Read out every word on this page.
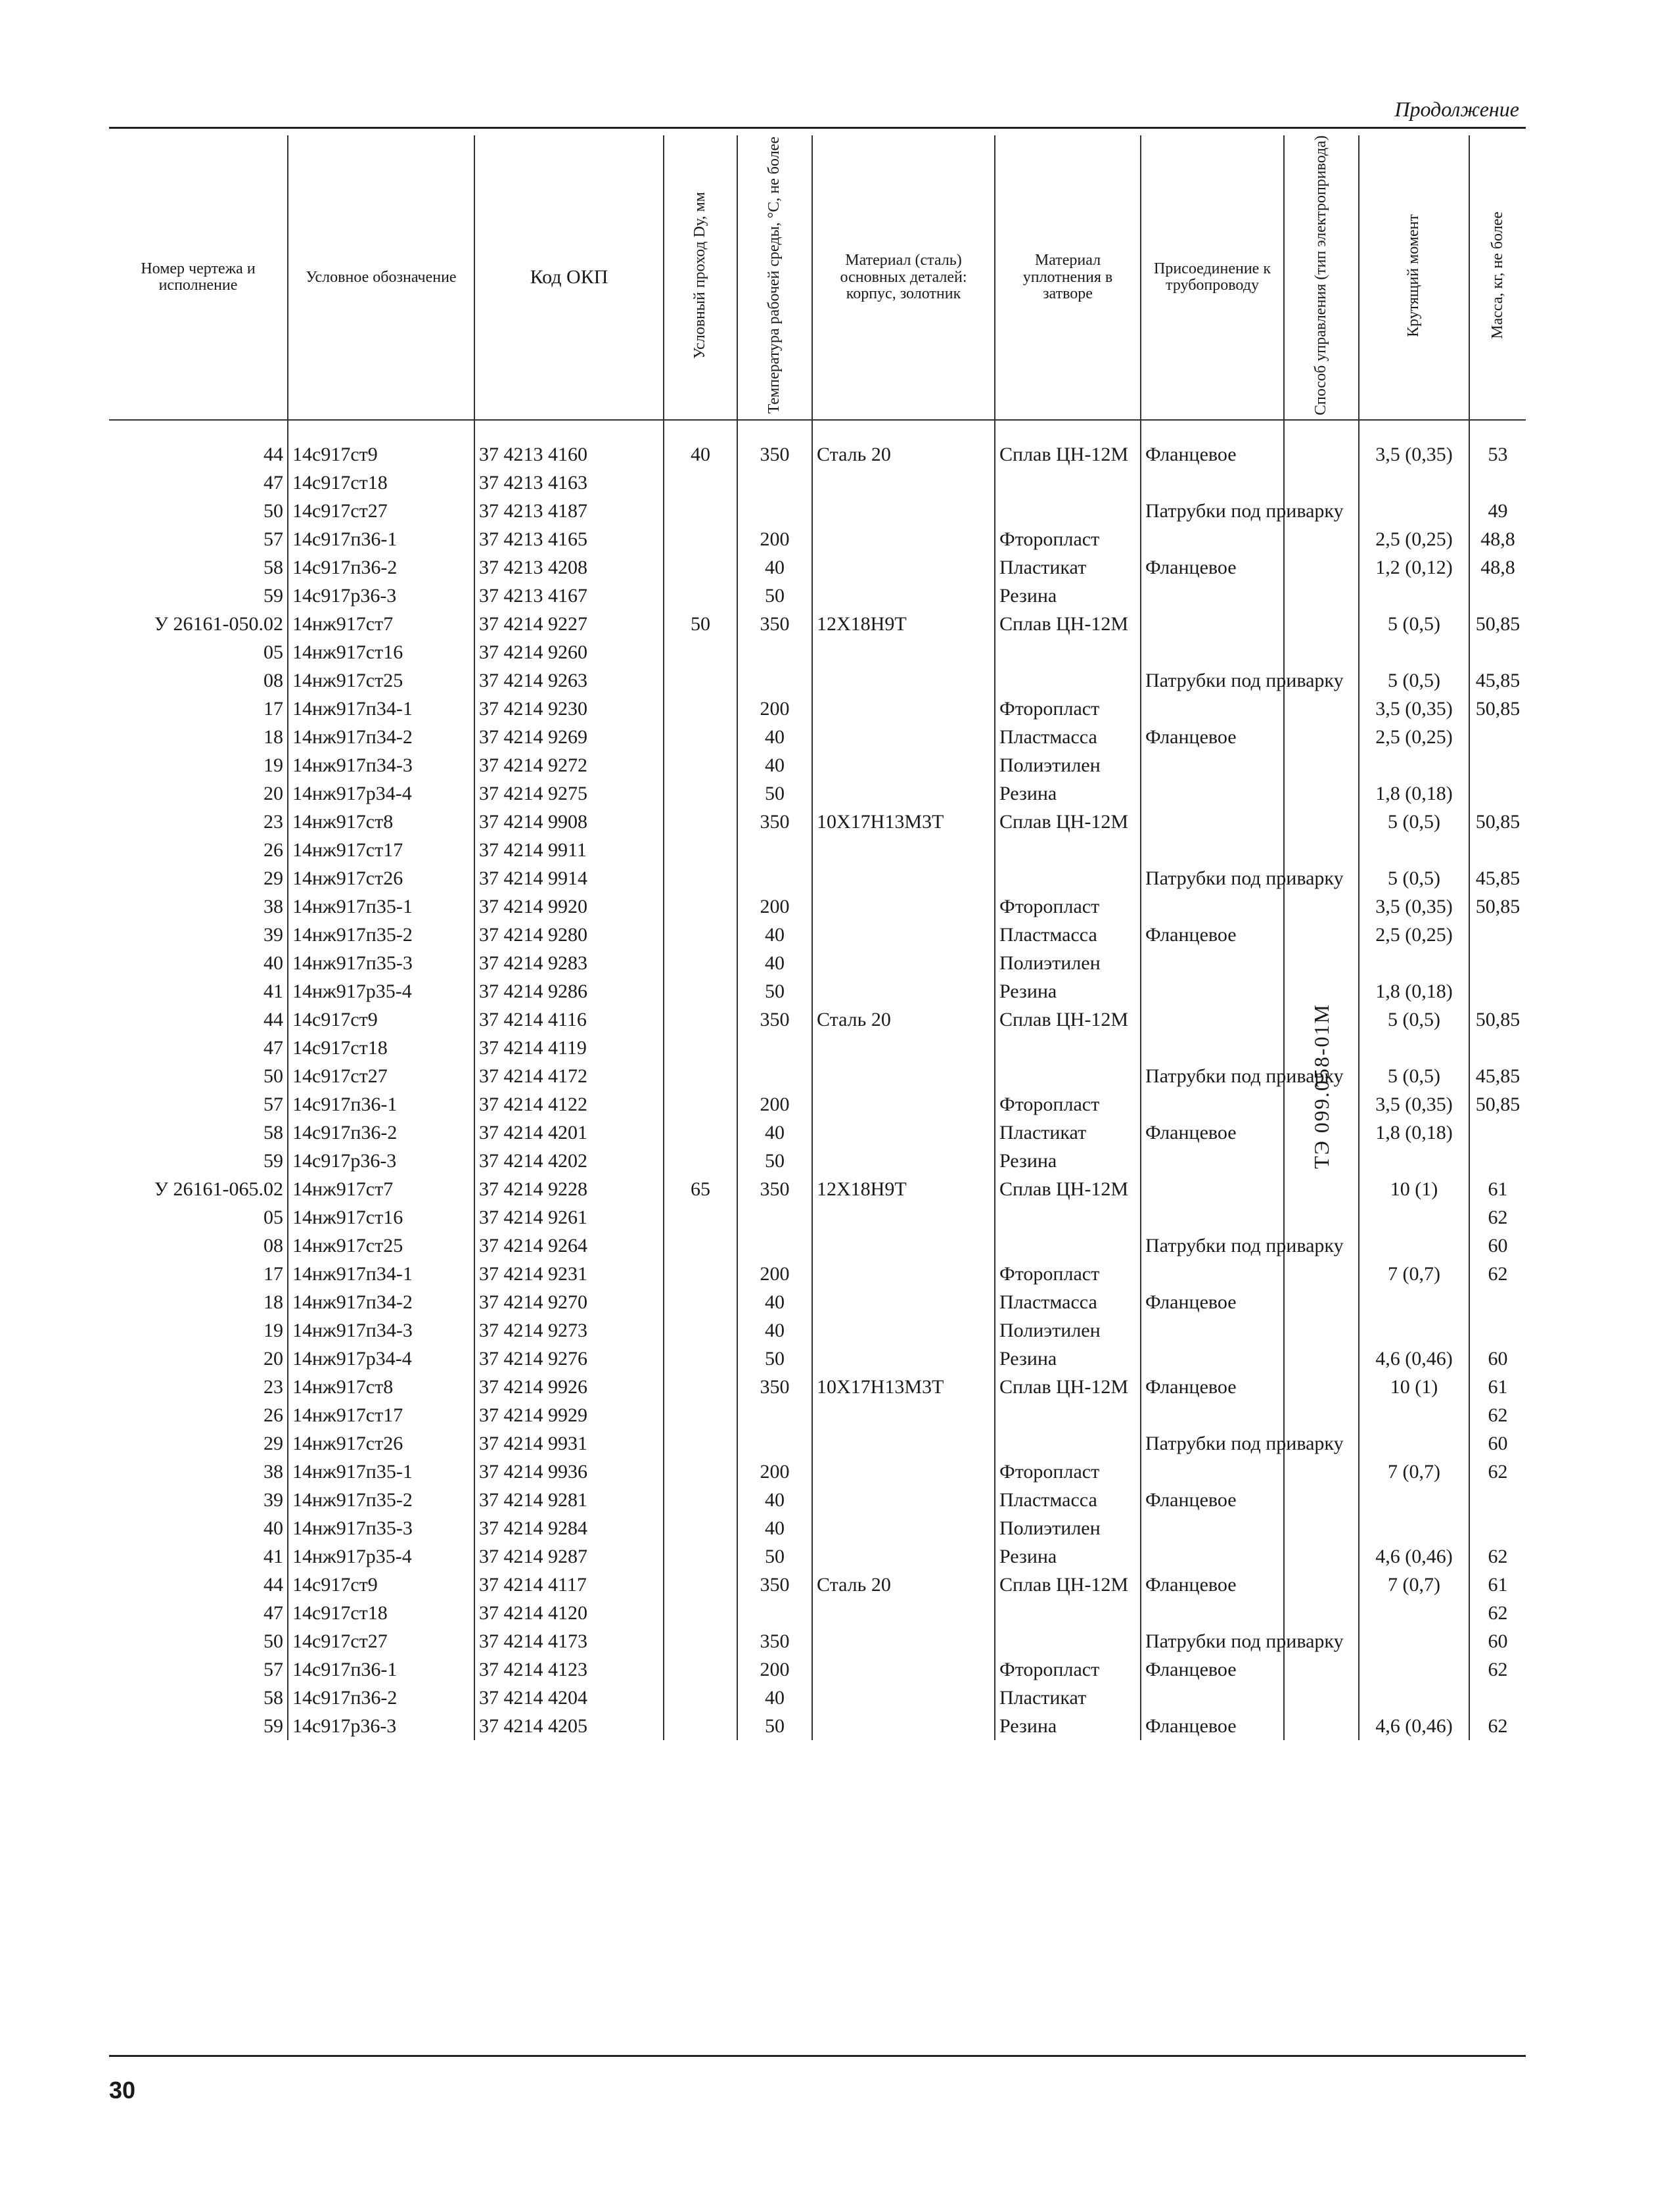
Продолжение
Номер чертежа и исполнение	Условное обозначение	Код ОКП	Условный проход Dу, мм	Температура рабочей среды, °С, не более	Материал (сталь) основных деталей: корпус, золотник	Материал уплотнения в затворе	Присоединение к трубопроводу	Способ управления (тип электропривода)	Крутящий момент	Масса, кг, не более

44	14с917ст9	37 4213 4160	40	350	Сталь 20	Сплав ЦН-12М	Фланцевое	ТЭ 099.058-01М	3,5 (0,35)	53
47	14с917ст18	37 4213 4163								
50	14с917ст27	37 4213 4187					Патрубки под приварку			49
57	14с917п36-1	37 4213 4165		200		Фторопласт			2,5 (0,25)	48,8
58	14с917п36-2	37 4213 4208		40		Пластикат	Фланцевое		1,2 (0,12)	48,8
59	14с917р36-3	37 4213 4167		50		Резина				
У 26161-050.02	14нж917ст7	37 4214 9227	50	350	12Х18Н9Т	Сплав ЦН-12М			5 (0,5)	50,85
05	14нж917ст16	37 4214 9260								
08	14нж917ст25	37 4214 9263					Патрубки под приварку		5 (0,5)	45,85
17	14нж917п34-1	37 4214 9230		200		Фторопласт			3,5 (0,35)	50,85
18	14нж917п34-2	37 4214 9269		40		Пластмасса	Фланцевое		2,5 (0,25)	
19	14нж917п34-3	37 4214 9272		40		Полиэтилен				
20	14нж917р34-4	37 4214 9275		50		Резина			1,8 (0,18)	
23	14нж917ст8	37 4214 9908		350	10Х17Н13М3Т	Сплав ЦН-12М			5 (0,5)	50,85
26	14нж917ст17	37 4214 9911								
29	14нж917ст26	37 4214 9914					Патрубки под приварку		5 (0,5)	45,85
38	14нж917п35-1	37 4214 9920		200		Фторопласт			3,5 (0,35)	50,85
39	14нж917п35-2	37 4214 9280		40		Пластмасса	Фланцевое		2,5 (0,25)	
40	14нж917п35-3	37 4214 9283		40		Полиэтилен				
41	14нж917р35-4	37 4214 9286		50		Резина			1,8 (0,18)	
44	14с917ст9	37 4214 4116		350	Сталь 20	Сплав ЦН-12М			5 (0,5)	50,85
47	14с917ст18	37 4214 4119								
50	14с917ст27	37 4214 4172					Патрубки под приварку		5 (0,5)	45,85
57	14с917п36-1	37 4214 4122		200		Фторопласт			3,5 (0,35)	50,85
58	14с917п36-2	37 4214 4201		40		Пластикат	Фланцевое		1,8 (0,18)	
59	14с917р36-3	37 4214 4202		50		Резина				
У 26161-065.02	14нж917ст7	37 4214 9228	65	350	12Х18Н9Т	Сплав ЦН-12М			10 (1)	61
05	14нж917ст16	37 4214 9261								62
08	14нж917ст25	37 4214 9264					Патрубки под приварку			60
17	14нж917п34-1	37 4214 9231		200		Фторопласт			7 (0,7)	62
18	14нж917п34-2	37 4214 9270		40		Пластмасса	Фланцевое			
19	14нж917п34-3	37 4214 9273		40		Полиэтилен				
20	14нж917р34-4	37 4214 9276		50		Резина			4,6 (0,46)	60
23	14нж917ст8	37 4214 9926		350	10Х17Н13М3Т	Сплав ЦН-12М	Фланцевое		10 (1)	61
26	14нж917ст17	37 4214 9929								62
29	14нж917ст26	37 4214 9931					Патрубки под приварку			60
38	14нж917п35-1	37 4214 9936		200		Фторопласт			7 (0,7)	62
39	14нж917п35-2	37 4214 9281		40		Пластмасса	Фланцевое			
40	14нж917п35-3	37 4214 9284		40		Полиэтилен				
41	14нж917р35-4	37 4214 9287		50		Резина			4,6 (0,46)	62
44	14с917ст9	37 4214 4117		350	Сталь 20	Сплав ЦН-12М	Фланцевое		7 (0,7)	61
47	14с917ст18	37 4214 4120								62
50	14с917ст27	37 4214 4173		350			Патрубки под приварку			60
57	14с917п36-1	37 4214 4123		200		Фторопласт	Фланцевое			62
58	14с917п36-2	37 4214 4204		40		Пластикат				
59	14с917р36-3	37 4214 4205		50		Резина	Фланцевое		4,6 (0,46)	62
30
